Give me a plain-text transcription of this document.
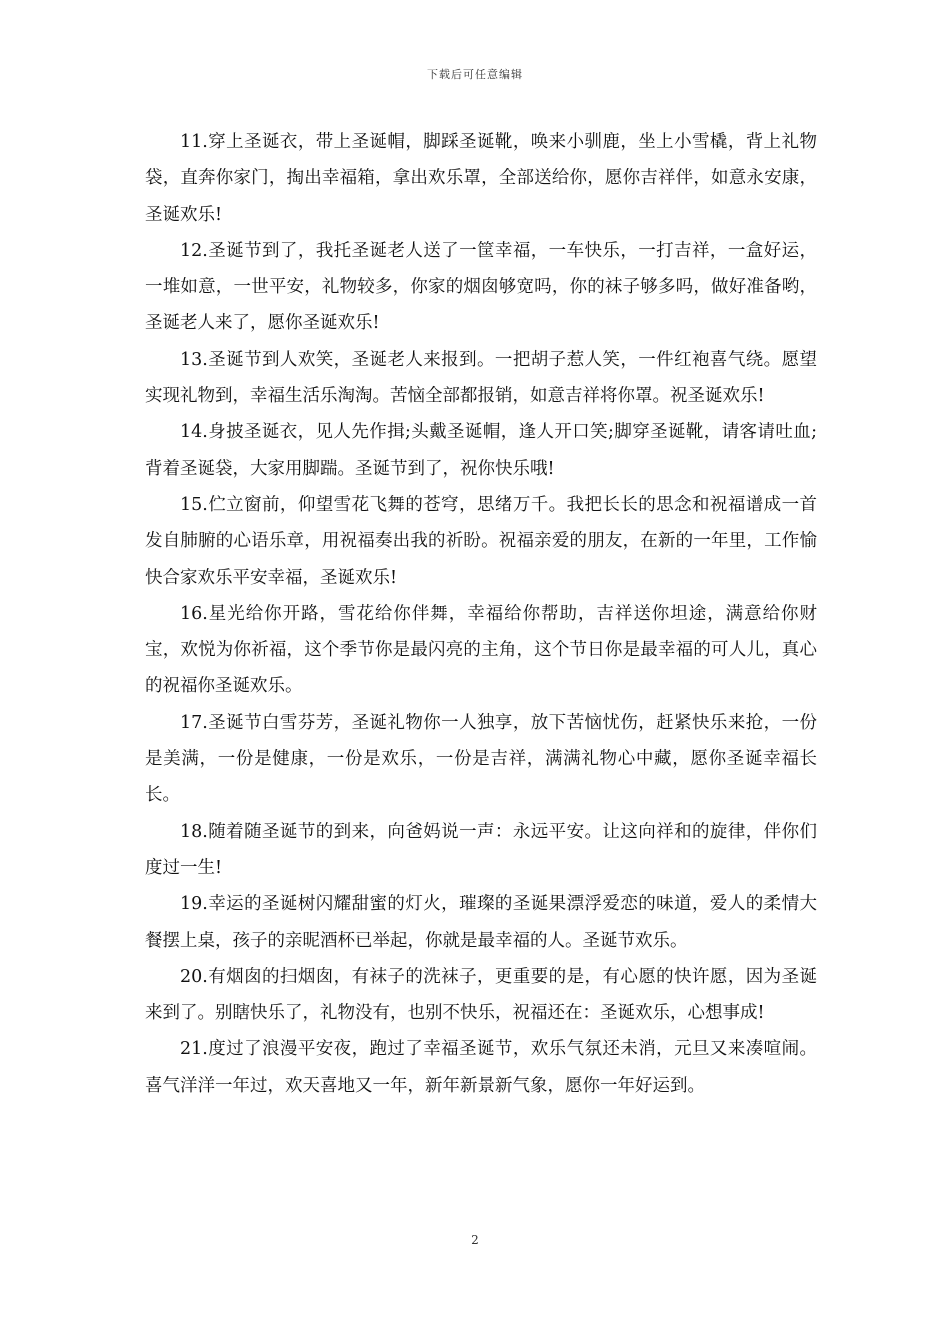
下载后可任意编辑

11.穿上圣诞衣，带上圣诞帽，脚踩圣诞靴，唤来小驯鹿，坐上小雪橇，背上礼物袋，直奔你家门，掏出幸福箱，拿出欢乐罩，全部送给你，愿你吉祥伴，如意永安康，圣诞欢乐!

12.圣诞节到了，我托圣诞老人送了一筐幸福，一车快乐，一打吉祥，一盒好运，一堆如意，一世平安，礼物较多，你家的烟囱够宽吗，你的袜子够多吗，做好准备哟，圣诞老人来了，愿你圣诞欢乐!

13.圣诞节到人欢笑，圣诞老人来报到。一把胡子惹人笑，一件红袍喜气绕。愿望实现礼物到，幸福生活乐淘淘。苦恼全部都报销，如意吉祥将你罩。祝圣诞欢乐!

14.身披圣诞衣，见人先作揖;头戴圣诞帽，逢人开口笑;脚穿圣诞靴，请客请吐血;背着圣诞袋，大家用脚踹。圣诞节到了，祝你快乐哦!

15.伫立窗前，仰望雪花飞舞的苍穹，思绪万千。我把长长的思念和祝福谱成一首发自肺腑的心语乐章，用祝福奏出我的祈盼。祝福亲爱的朋友，在新的一年里，工作愉快合家欢乐平安幸福，圣诞欢乐!

16.星光给你开路，雪花给你伴舞，幸福给你帮助，吉祥送你坦途，满意给你财宝，欢悦为你祈福，这个季节你是最闪亮的主角，这个节日你是最幸福的可人儿，真心的祝福你圣诞欢乐。

17.圣诞节白雪芬芳，圣诞礼物你一人独享，放下苦恼忧伤，赶紧快乐来抢，一份是美满，一份是健康，一份是欢乐，一份是吉祥，满满礼物心中藏，愿你圣诞幸福长长。

18.随着随圣诞节的到来，向爸妈说一声：永远平安。让这向祥和的旋律，伴你们度过一生!

19.幸运的圣诞树闪耀甜蜜的灯火，璀璨的圣诞果漂浮爱恋的味道，爱人的柔情大餐摆上桌，孩子的亲昵酒杯已举起，你就是最幸福的人。圣诞节欢乐。

20.有烟囱的扫烟囱，有袜子的洗袜子，更重要的是，有心愿的快许愿，因为圣诞来到了。别瞎快乐了，礼物没有，也别不快乐，祝福还在：圣诞欢乐，心想事成!

21.度过了浪漫平安夜，跑过了幸福圣诞节，欢乐气氛还未消，元旦又来凑喧闹。喜气洋洋一年过，欢天喜地又一年，新年新景新气象，愿你一年好运到。

2
